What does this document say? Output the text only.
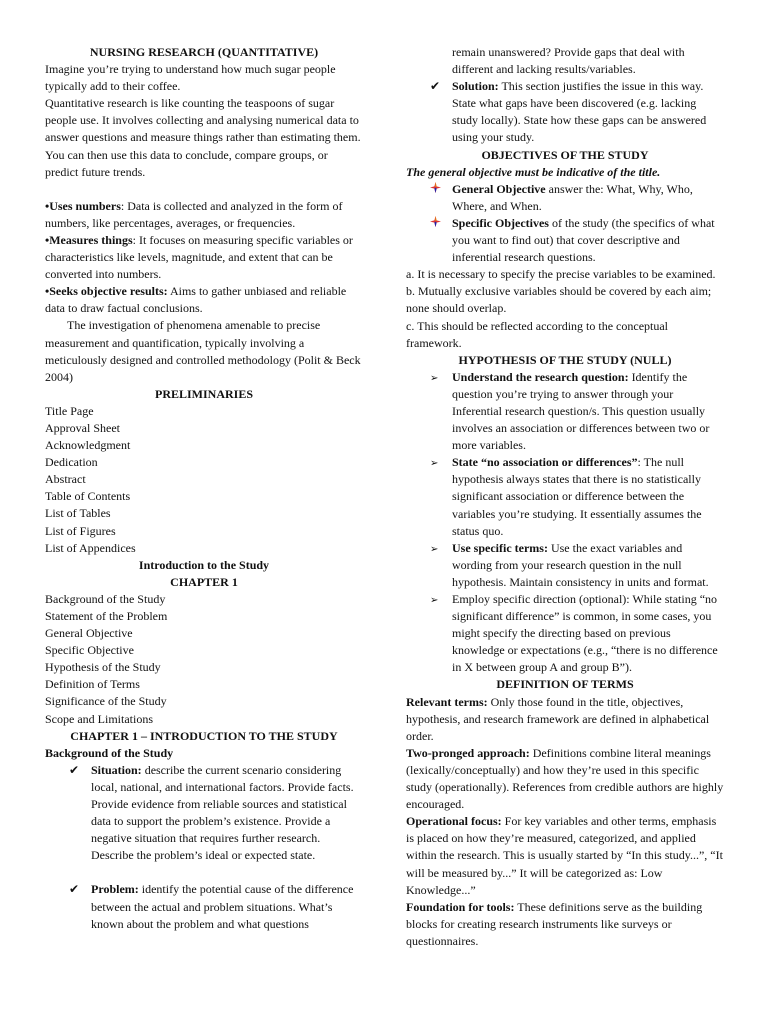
NURSING RESEARCH (QUANTITATIVE)

Imagine you’re trying to understand how much sugar people typically add to their coffee.

Quantitative research is like counting the teaspoons of sugar people use. It involves collecting and analysing numerical data to answer questions and measure things rather than estimating them. You can then use this data to conclude, compare groups, or predict future trends.

•Uses numbers: Data is collected and analyzed in the form of numbers, like percentages, averages, or frequencies.

•Measures things: It focuses on measuring specific variables or characteristics like levels, magnitude, and extent that can be converted into numbers.

•Seeks objective results: Aims to gather unbiased and reliable data to draw factual conclusions.

The investigation of phenomena amenable to precise measurement and quantification, typically involving a meticulously designed and controlled methodology (Polit & Beck 2004)

PRELIMINARIES

Title Page

Approval Sheet

Acknowledgment

Dedication

Abstract

Table of Contents

List of Tables

List of Figures

List of Appendices

Introduction to the Study

CHAPTER 1

Background of the Study

Statement of the Problem

General Objective

Specific Objective

Hypothesis of the Study

Definition of Terms

Significance of the Study

Scope and Limitations

CHAPTER 1 – INTRODUCTION TO THE STUDY

Background of the Study

✔ Situation: describe the current scenario considering local, national, and international factors. Provide facts. Provide evidence from reliable sources and statistical data to support the problem’s existence. Provide a negative situation that requires further research. Describe the problem’s ideal or expected state.
✔ Problem: identify the potential cause of the difference between the actual and problem situations. What’s known about the problem and what questions
remain unanswered? Provide gaps that deal with different and lacking results/variables.
✔ Solution: This section justifies the issue in this way. State what gaps have been discovered (e.g. lacking study locally). State how these gaps can be answered using your study.

OBJECTIVES OF THE STUDY

The general objective must be indicative of the title.

General Objective answer the: What, Why, Who, Where, and When.
Specific Objectives of the study (the specifics of what you want to find out) that cover descriptive and inferential research questions.

a. It is necessary to specify the precise variables to be examined.

b. Mutually exclusive variables should be covered by each aim; none should overlap.

c. This should be reflected according to the conceptual framework.

HYPOTHESIS OF THE STUDY (NULL)

➢	Understand the research question: Identify the question you’re trying to answer through your Inferential research question/s. This question usually involves an association or differences between two or more variables.
➢	State “no association or differences”: The null hypothesis always states that there is no statistically significant association or difference between the variables you’re studying. It essentially assumes the status quo.
➢	Use specific terms: Use the exact variables and wording from your research question in the null hypothesis. Maintain consistency in units and format.
➢	Employ specific direction (optional): While stating “no significant difference” is common, in some cases, you might specify the directing based on previous knowledge or expectations (e.g., “there is no difference in X between group A and group B”).

DEFINITION OF TERMS

Relevant terms: Only those found in the title, objectives, hypothesis, and research framework are defined in alphabetical order.

Two-pronged approach: Definitions combine literal meanings (lexically/conceptually) and how they’re used in this specific study (operationally). References from credible authors are highly encouraged.

Operational focus: For key variables and other terms, emphasis is placed on how they’re measured, categorized, and applied within the research. This is usually started by “In this study...”, “It will be measured by...” It will be categorized as: Low Knowledge...”

Foundation for tools: These definitions serve as the building blocks for creating research instruments like surveys or questionnaires.
